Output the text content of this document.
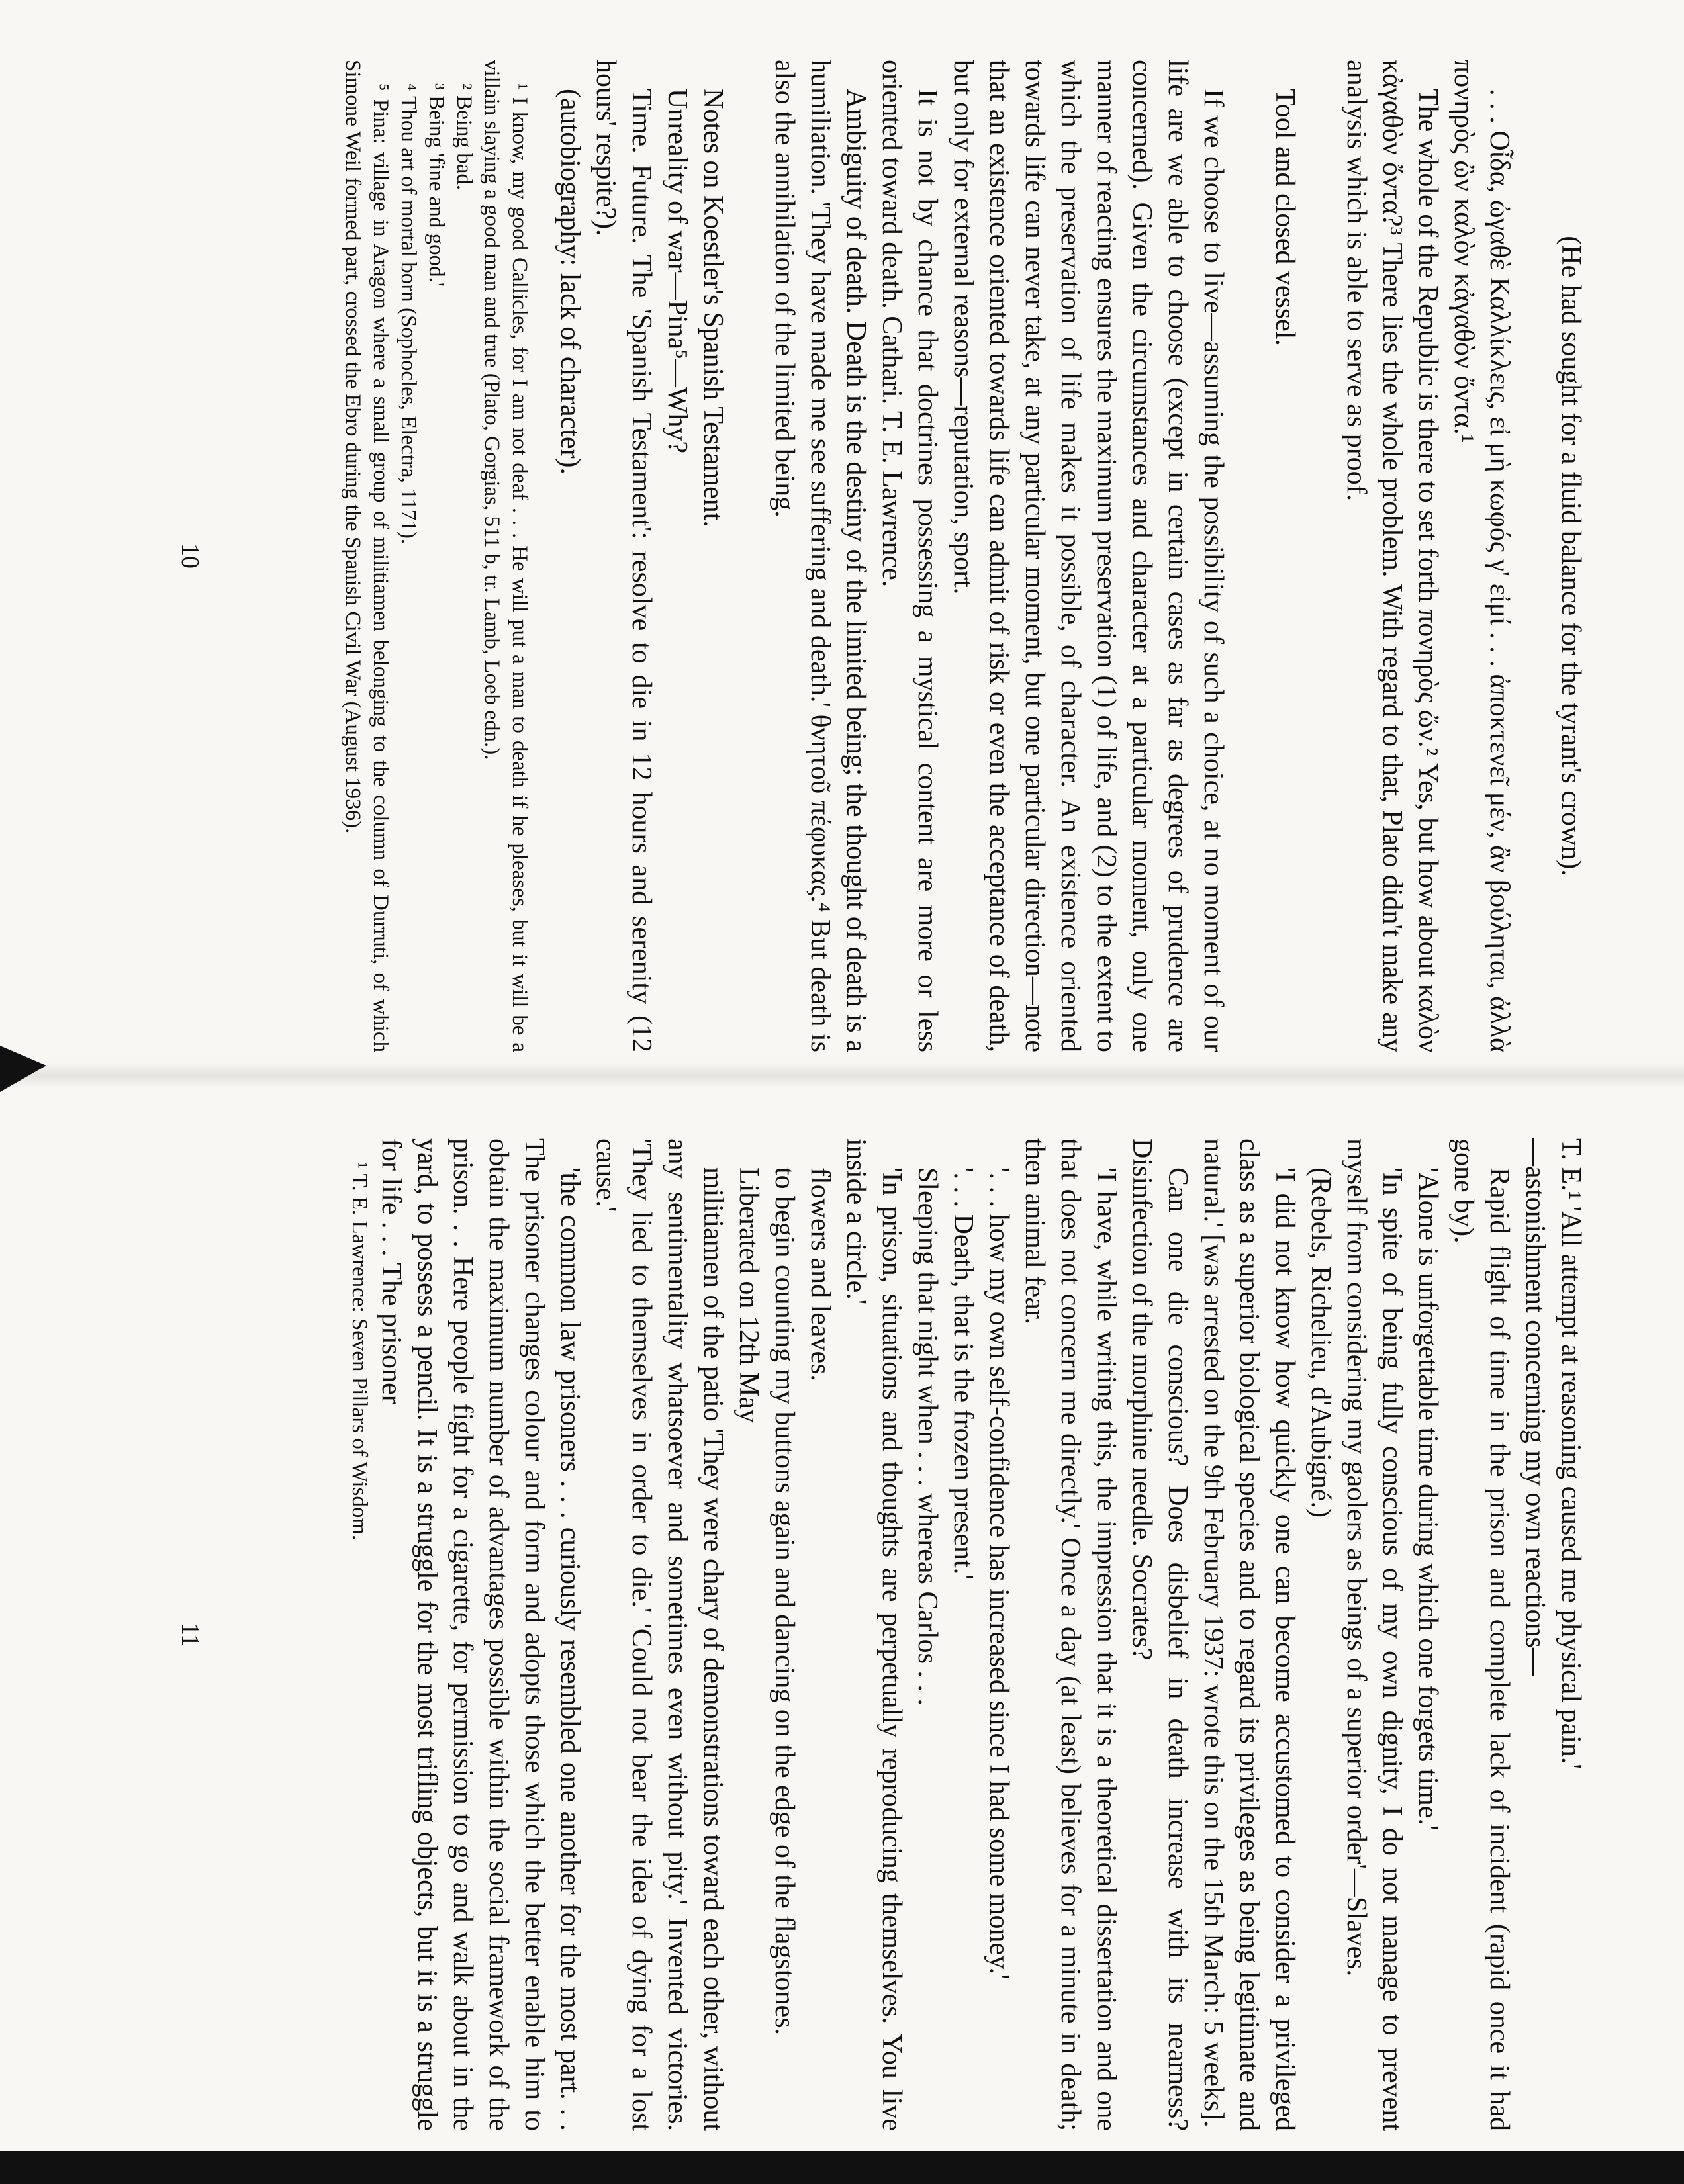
(He had sought for a fluid balance for the tyrant's crown).

. . . Οἶδα, ὠγαθὲ Καλλίκλεις, εἰ μὴ κωφός γ' εἰμί . . . ἀποκτενεῖ μέν, ἂν βούληται, ἀλλὰ πονηρὸς ὢν καλὸν κἀγαθὸν ὄντα.¹

The whole of the Republic is there to set forth πονηρὸς ὤν.² Yes, but how about καλὸν κἀγαθὸν ὄντα?³ There lies the whole problem. With regard to that, Plato didn't make any analysis which is able to serve as proof.

Tool and closed vessel.

If we choose to live—assuming the possibility of such a choice, at no moment of our life are we able to choose (except in certain cases as far as degrees of prudence are concerned). Given the circumstances and character at a particular moment, only one manner of reacting ensures the maximum preservation (1) of life, and (2) to the extent to which the preservation of life makes it possible, of character. An existence oriented towards life can never take, at any particular moment, but one particular direction—note that an existence oriented towards life can admit of risk or even the acceptance of death, but only for external reasons—reputation, sport.

It is not by chance that doctrines possessing a mystical content are more or less oriented toward death. Cathari. T. E. Lawrence.

Ambiguity of death. Death is the destiny of the limited being; the thought of death is a humiliation. 'They have made me see suffering and death.' θνητοῦ πέφυκας.⁴ But death is also the annihilation of the limited being.

Notes on Koestler's Spanish Testament.

Unreality of war—Pina⁵—Why?

Time. Future. The 'Spanish Testament': resolve to die in 12 hours and serenity (12 hours' respite?).

(autobiography: lack of character).

¹ I know, my good Callicles, for I am not deaf . . . He will put a man to death if he pleases, but it will be a villain slaying a good man and true (Plato, Gorgias, 511 b, tr. Lamb, Loeb edn.).

² Being bad.

³ Being 'fine and good.'

⁴ Thou art of mortal born (Sophocles, Electra, 1171).

⁵ Pina: village in Aragon where a small group of militiamen belonging to the column of Durruti, of which Simone Weil formed part, crossed the Ebro during the Spanish Civil War (August 1936).

10

T. E.¹ 'All attempt at reasoning caused me physical pain.'

—astonishment concerning my own reactions—

Rapid flight of time in the prison and complete lack of incident (rapid once it had gone by).

'Alone is unforgettable time during which one forgets time.'

'In spite of being fully conscious of my own dignity, I do not manage to prevent myself from considering my gaolers as beings of a superior order'—Slaves.

(Rebels, Richelieu, d'Aubigné.)

'I did not know how quickly one can become accustomed to consider a privileged class as a superior biological species and to regard its privileges as being legitimate and natural.' [was arrested on the 9th February 1937: wrote this on the 15th March: 5 weeks].

Can one die conscious? Does disbelief in death increase with its nearness? Disinfection of the morphine needle. Socrates?

'I have, while writing this, the impression that it is a theoretical dissertation and one that does not concern me directly.' Once a day (at least) believes for a minute in death; then animal fear.

'. . . how my own self-confidence has increased since I had some money.'

'. . . Death, that is the frozen present.'

Sleeping that night when . . . whereas Carlos . . .

'In prison, situations and thoughts are perpetually reproducing themselves. You live inside a circle.'

flowers and leaves.

to begin counting my buttons again and dancing on the edge of the flagstones.

Liberated on 12th May

militiamen of the patio 'They were chary of demonstrations toward each other, without any sentimentality whatsoever and sometimes even without pity.' Invented victories. 'They lied to themselves in order to die.' 'Could not bear the idea of dying for a lost cause.'

'the common law prisoners . . . curiously resembled one another for the most part. . . The prisoner changes colour and form and adopts those which the better enable him to obtain the maximum number of advantages possible within the social framework of the prison. . . Here people fight for a cigarette, for permission to go and walk about in the yard, to possess a pencil. It is a struggle for the most trifling objects, but it is a struggle for life . . . The prisoner

¹ T. E. Lawrence: Seven Pillars of Wisdom.

11
